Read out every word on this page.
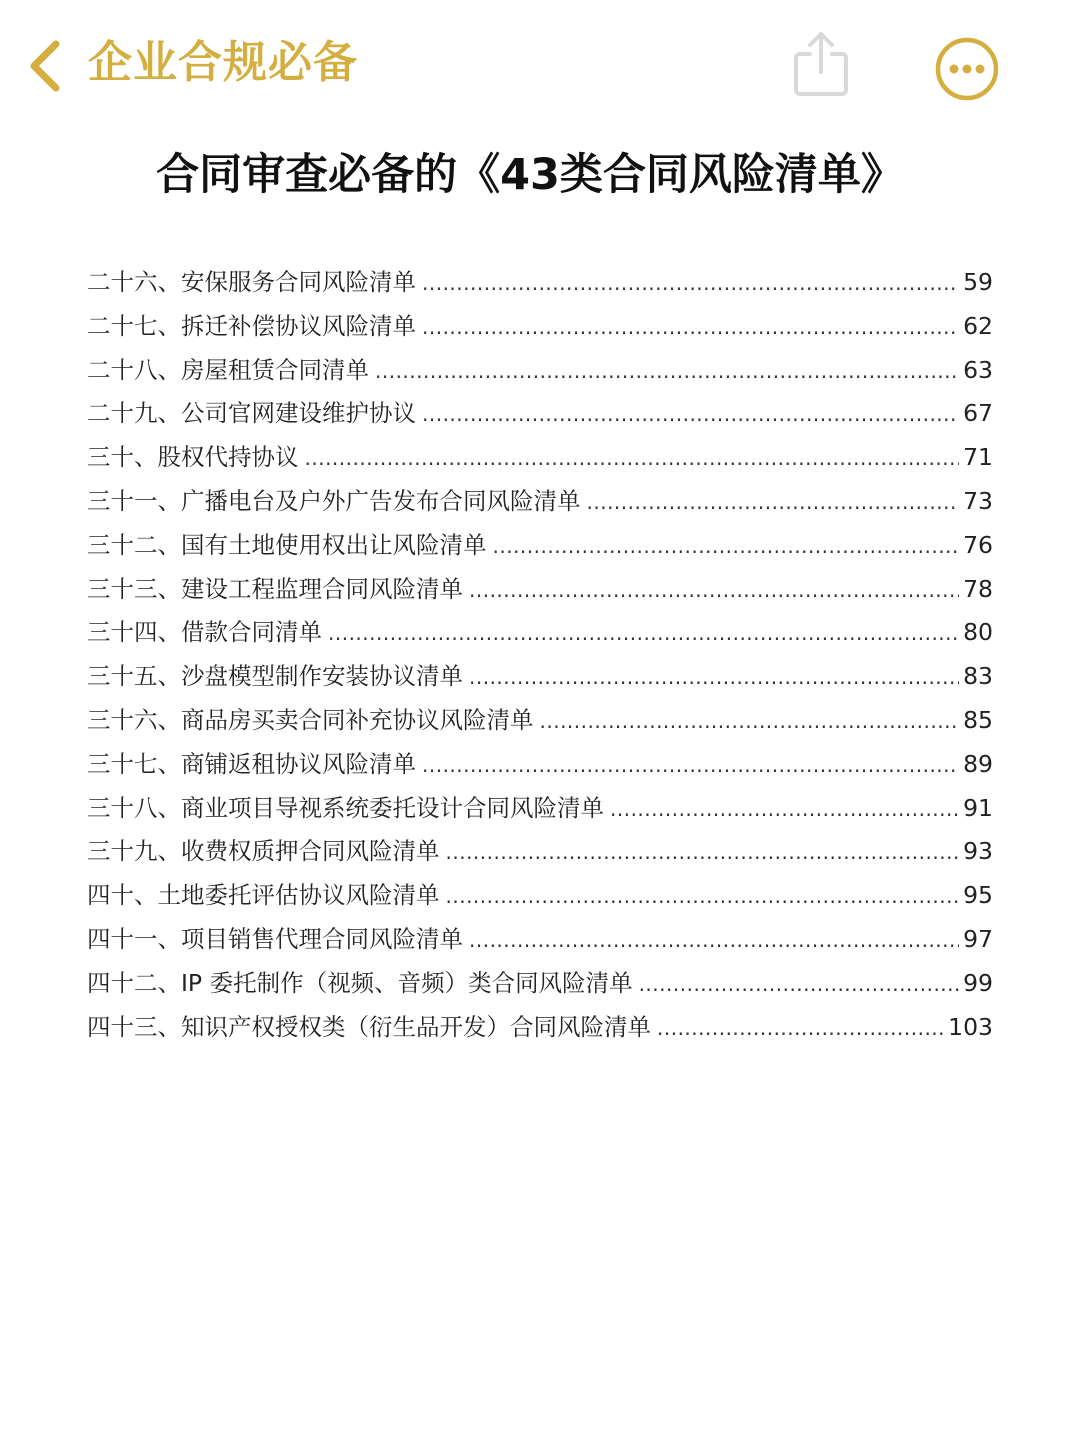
企业合规必备
合同审查必备的《43类合同风险清单》
二十六、安保服务合同风险清单 .....	59
二十七、拆迁补偿协议风险清单 .....	62
二十八、房屋租赁合同清单 .....	63
二十九、公司官网建设维护协议 .....	67
三十、股权代持协议 .....	71
三十一、广播电台及户外广告发布合同风险清单 .....	73
三十二、国有土地使用权出让风险清单 .....	76
三十三、建设工程监理合同风险清单 .....	78
三十四、借款合同清单 .....	80
三十五、沙盘模型制作安装协议清单 .....	83
三十六、商品房买卖合同补充协议风险清单 .....	85
三十七、商铺返租协议风险清单 .....	89
三十八、商业项目导视系统委托设计合同风险清单 .....	91
三十九、收费权质押合同风险清单 .....	93
四十、土地委托评估协议风险清单 .....	95
四十一、项目销售代理合同风险清单 .....	97
四十二、IP 委托制作（视频、音频）类合同风险清单 .....	99
四十三、知识产权授权类（衍生品开发）合同风险清单 .....	103
